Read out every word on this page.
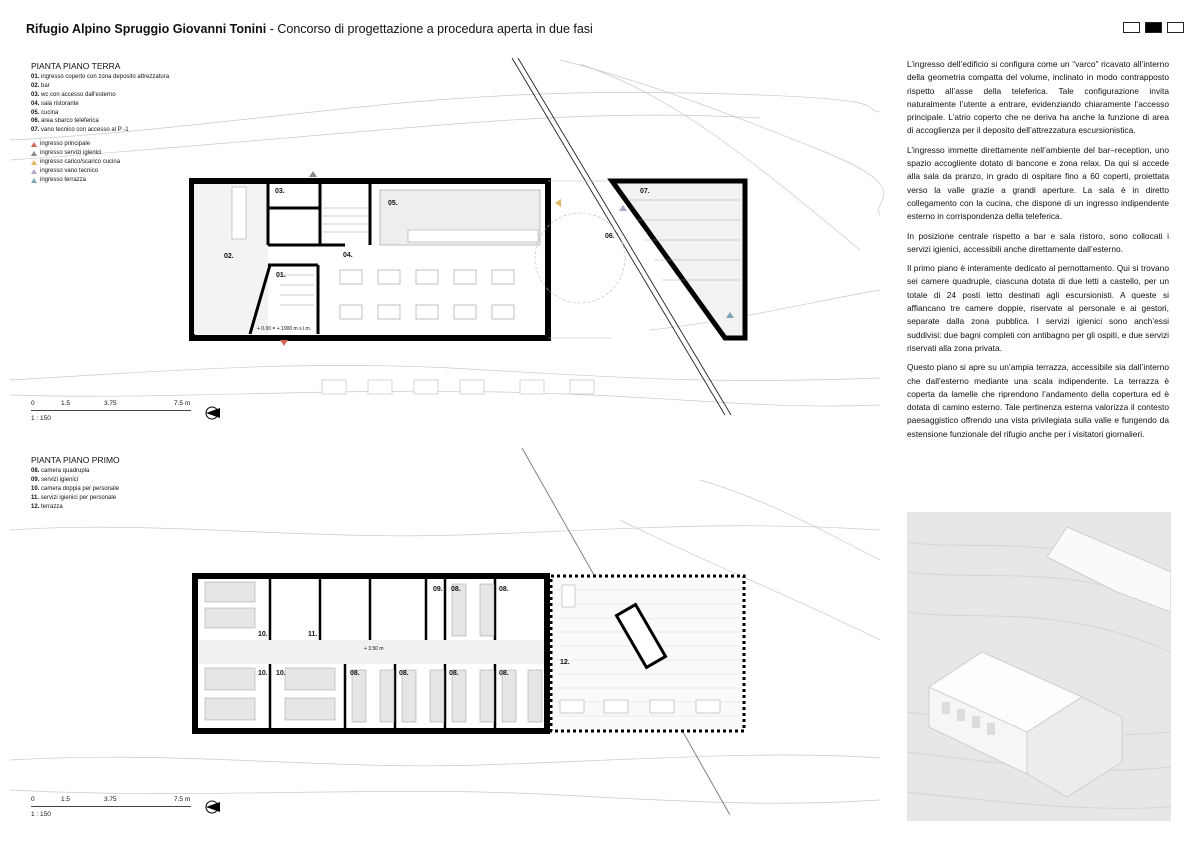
Rifugio Alpino Spruggio Giovanni Tonini - Concorso di progettazione a procedura aperta in due fasi
03.
02.
01.
04.
05.
06.
07.
+ 0.00 = + 1900 m s.l.m.
10.	11.
09. 08.	08.
10. 10.	08.	08.	08.	08.
12.
+ 3.50 m
PIANTA PIANO TERRA
01. ingresso coperto con zona deposito attrezzatura
02. bar
03. wc con accesso dall'esterno
04. sala ristorante
05. cucina
06. area sbarco teleferica
07. vano tecnico con accesso al P -1
ingresso principale
ingresso servizi igienici
ingresso carico/scarico cucina
ingresso vano tecnico
ingresso terrazza
PIANTA PIANO PRIMO
08. camera quadrupla
09. servizi igienici
10. camera doppia per personale
11. servizi igienici per personale
12. terrazza
0	1.5	3.75	7.5 m
1 : 150
0	1.5	3.75	7.5 m
1 : 150

L’ingresso dell’edificio si configura come un “varco” ricavato all’interno della geometria compatta del volume, inclinato in modo contrapposto rispetto all’asse della teleferica. Tale configurazione invita naturalmente l’utente a entrare, evidenziando chiaramente l’accesso principale. L’atrio coperto che ne deriva ha anche la funzione di area di accoglienza per il deposito dell’attrezzatura escursionistica.

L’ingresso immette direttamente nell’ambiente del bar–reception, uno spazio accogliente dotato di bancone e zona relax. Da qui si accede alla sala da pranzo, in grado di ospitare fino a 60 coperti, proiettata verso la valle grazie a grandi aperture. La sala è in diretto collegamento con la cucina, che dispone di un ingresso indipendente esterno in corrispondenza della teleferica.

In posizione centrale rispetto a bar e sala ristoro, sono collocati i servizi igienici, accessibili anche direttamente dall’esterno.

Il primo piano è interamente dedicato al pernottamento. Qui si trovano sei camere quadruple, ciascuna dotata di due letti a castello, per un totale di 24 posti letto destinati agli escursionisti. A queste si affiancano tre camere doppie, riservate al personale e ai gestori, separate dalla zona pubblica. I servizi igienici sono anch’essi suddivisi: due bagni completi con antibagno per gli ospiti, e due servizi riservati alla zona privata.

Questo piano si apre su un’ampia terrazza, accessibile sia dall’interno che dall’esterno mediante una scala indipendente. La terrazza è coperta da lamelle che riprendono l’andamento della copertura ed è dotata di camino esterno. Tale pertinenza esterna valorizza il contesto paesaggistico offrendo una vista privilegiata sulla valle e fungendo da estensione funzionale del rifugio anche per i visitatori giornalieri.
